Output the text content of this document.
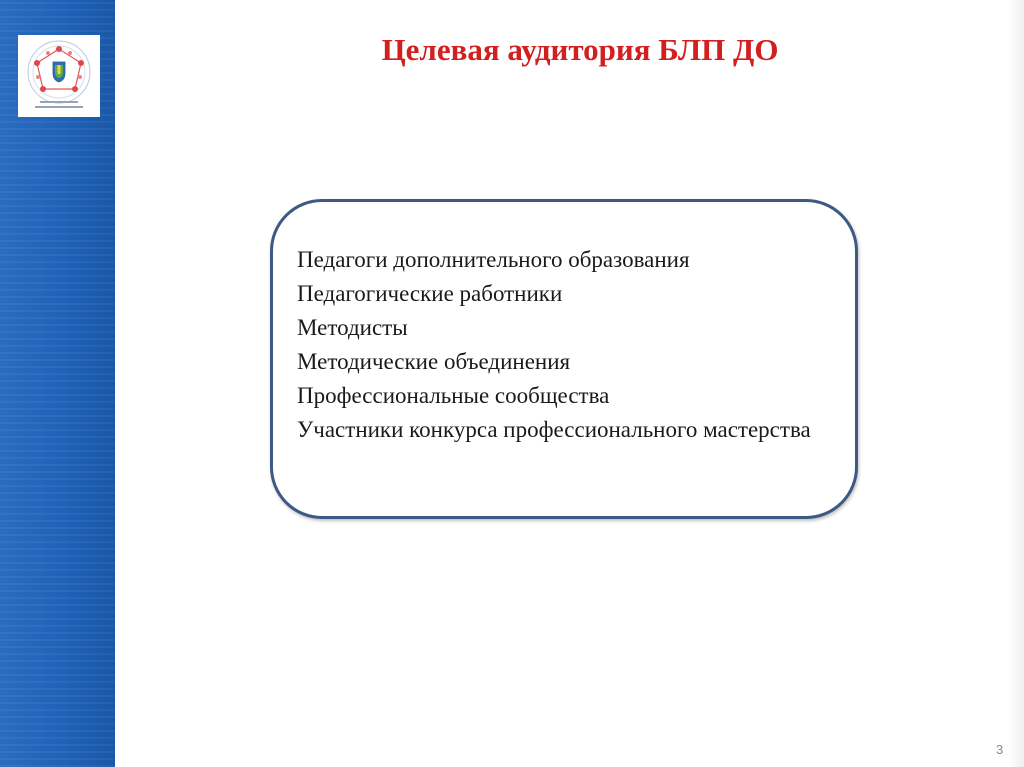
Целевая аудитория БЛП ДО
Педагоги дополнительного образования
Педагогические работники
Методисты
Методические объединения
Профессиональные сообщества
Участники конкурса профессионального мастерства
3
